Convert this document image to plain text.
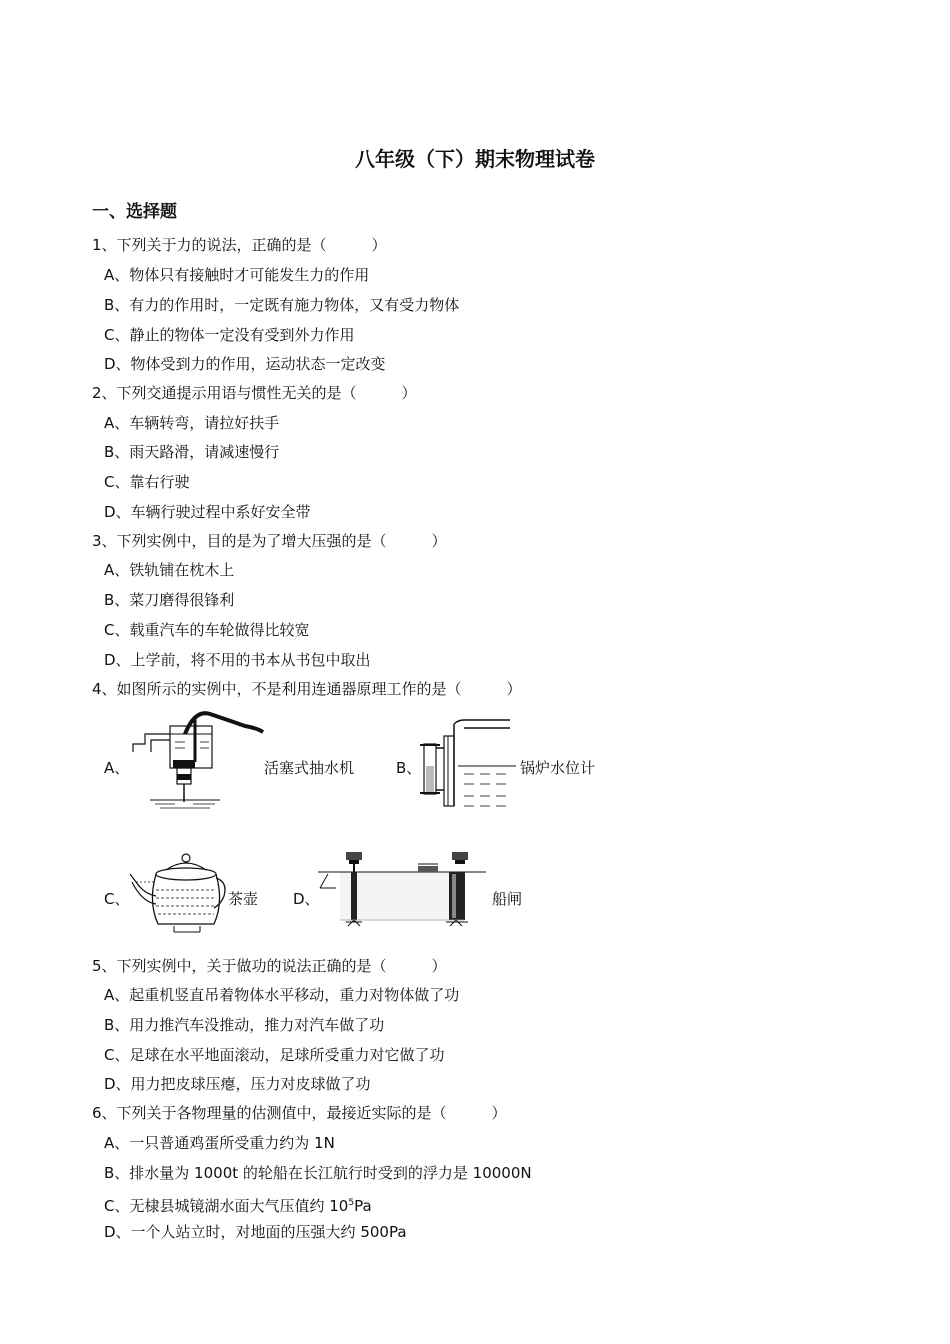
八年级（下）期末物理试卷
一、选择题
1、下列关于力的说法，正确的是（　　　）
A、物体只有接触时才可能发生力的作用
B、有力的作用时，一定既有施力物体，又有受力物体
C、静止的物体一定没有受到外力作用
D、物体受到力的作用，运动状态一定改变
2、下列交通提示用语与惯性无关的是（　　　）
A、车辆转弯，请拉好扶手
B、雨天路滑，请减速慢行
C、靠右行驶
D、车辆行驶过程中系好安全带
3、下列实例中，目的是为了增大压强的是（　　　）
A、铁轨铺在枕木上
B、菜刀磨得很锋利
C、载重汽车的车轮做得比较宽
D、上学前，将不用的书本从书包中取出
4、如图所示的实例中，不是利用连通器原理工作的是（　　　）
A、	活塞式抽水机	B、	锅炉水位计
C、	茶壶 D、	船闸
5、下列实例中，关于做功的说法正确的是（　　　）
A、起重机竖直吊着物体水平移动，重力对物体做了功
B、用力推汽车没推动，推力对汽车做了功
C、足球在水平地面滚动，足球所受重力对它做了功
D、用力把皮球压瘪，压力对皮球做了功
6、下列关于各物理量的估测值中，最接近实际的是（　　　）
A、一只普通鸡蛋所受重力约为 1N
B、排水量为 1000t 的轮船在长江航行时受到的浮力是 10000N
C、无棣县城镜湖水面大气压值约 $10^5Pa$
D、一个人站立时，对地面的压强大约 500Pa
